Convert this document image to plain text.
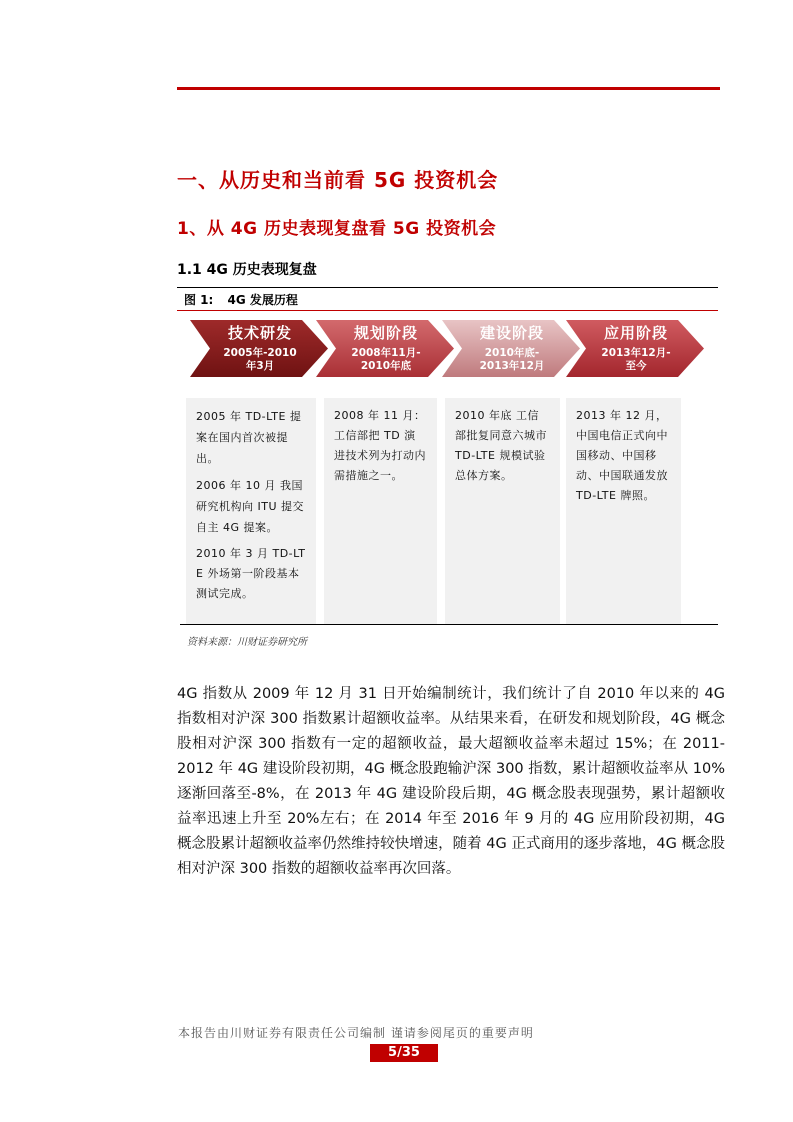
一、从历史和当前看 5G 投资机会
1、从 4G 历史表现复盘看 5G 投资机会
1.1 4G 历史表现复盘
图 1: 4G 发展历程
技术研发
2005年-2010
年3月
规划阶段
2008年11月-
2010年底
建设阶段
2010年底-
2013年12月
应用阶段
2013年12月-
至今

2005 年 TD-LTE 提案在国内首次被提出。

2006 年 10 月 我国研究机构向 ITU 提交自主 4G 提案。

2010 年 3 月 TD-LTE 外场第一阶段基本测试完成。

2008 年 11 月：工信部把 TD 演进技术列为打动内需措施之一。

2010 年底 工信部批复同意六城市 TD-LTE 规模试验总体方案。

2013 年 12 月，中国电信正式向中国移动、中国移动、中国联通发放 TD-LTE 牌照。

资料来源：川财证券研究所
4G 指数从 2009 年 12 月 31 日开始编制统计，我们统计了自 2010 年以来的 4G 指数相对沪深 300 指数累计超额收益率。从结果来看，在研发和规划阶段，4G 概念股相对沪深 300 指数有一定的超额收益，最大超额收益率未超过 15%；在 2011-2012 年 4G 建设阶段初期，4G 概念股跑输沪深 300 指数，累计超额收益率从 10%逐渐回落至-8%，在 2013 年 4G 建设阶段后期，4G 概念股表现强势，累计超额收益率迅速上升至 20%左右；在 2014 年至 2016 年 9 月的 4G 应用阶段初期，4G 概念股累计超额收益率仍然维持较快增速，随着 4G 正式商用的逐步落地，4G 概念股相对沪深 300 指数的超额收益率再次回落。
本报告由川财证券有限责任公司编制 谨请参阅尾页的重要声明
5/35
